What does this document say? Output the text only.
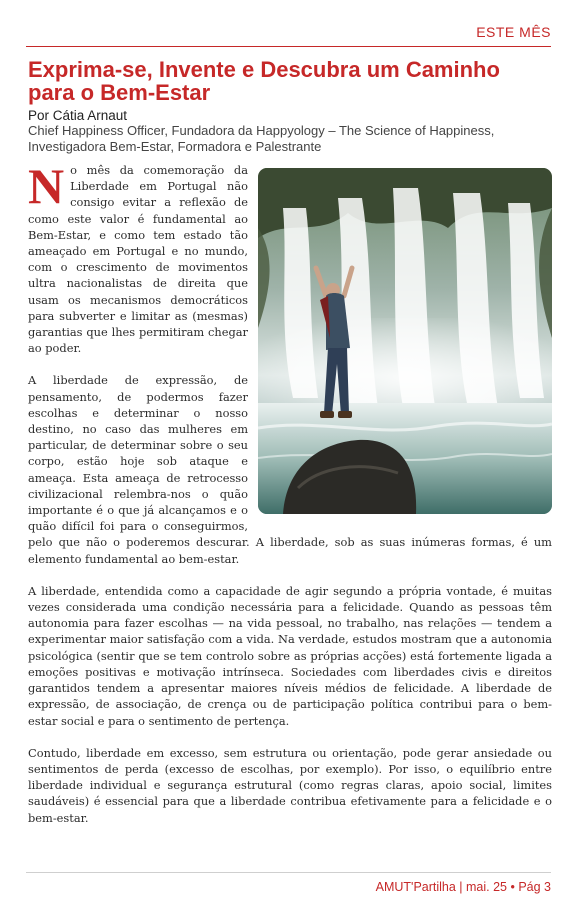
ESTE MÊS
Exprima-se, Invente e Descubra um Caminho para o Bem-Estar
Por Cátia Arnaut

Chief Happiness Officer, Fundadora da Happyology – The Science of Happiness, Investigadora Bem-Estar, Formadora e Palestrante

No mês da comemoração da Liberdade em Portugal não consigo evitar a reflexão de como este valor é fundamental ao Bem-Estar, e como tem estado tão ameaçado em Portugal e no mundo, com o crescimento de movimentos ultra nacionalistas de direita que usam os mecanismos democráticos para subverter e limitar as (mesmas) garantias que lhes permitiram chegar ao poder.

A liberdade de expressão, de pensamento, de podermos fazer escolhas e determinar o nosso destino, no caso das mulheres em particular, de determinar sobre o seu corpo, estão hoje sob ataque e ameaça. Esta ameaça de retrocesso civilizacional relembra-nos o quão importante é o que já alcançamos e o quão difícil foi para o conseguirmos, pelo que não o poderemos descurar. A liberdade, sob as suas inúmeras formas, é um elemento fundamental ao bem-estar.

A liberdade, entendida como a capacidade de agir segundo a própria vontade, é muitas vezes considerada uma condição necessária para a felicidade. Quando as pessoas têm autonomia para fazer escolhas — na vida pessoal, no trabalho, nas relações — tendem a experimentar maior satisfação com a vida. Na verdade, estudos mostram que a autonomia psicológica (sentir que se tem controlo sobre as próprias acções) está fortemente ligada a emoções positivas e motivação intrínseca. Sociedades com liberdades civis e direitos garantidos tendem a apresentar maiores níveis médios de felicidade. A liberdade de expressão, de associação, de crença ou de participação política contribui para o bem-estar social e para o sentimento de pertença.

Contudo, liberdade em excesso, sem estrutura ou orientação, pode gerar ansiedade ou sentimentos de perda (excesso de escolhas, por exemplo). Por isso, o equilíbrio entre liberdade individual e segurança estrutural (como regras claras, apoio social, limites saudáveis) é essencial para que a liberdade contribua efetivamente para a felicidade e o bem-estar.

AMUT'Partilha | mai. 25 • Pág 3
